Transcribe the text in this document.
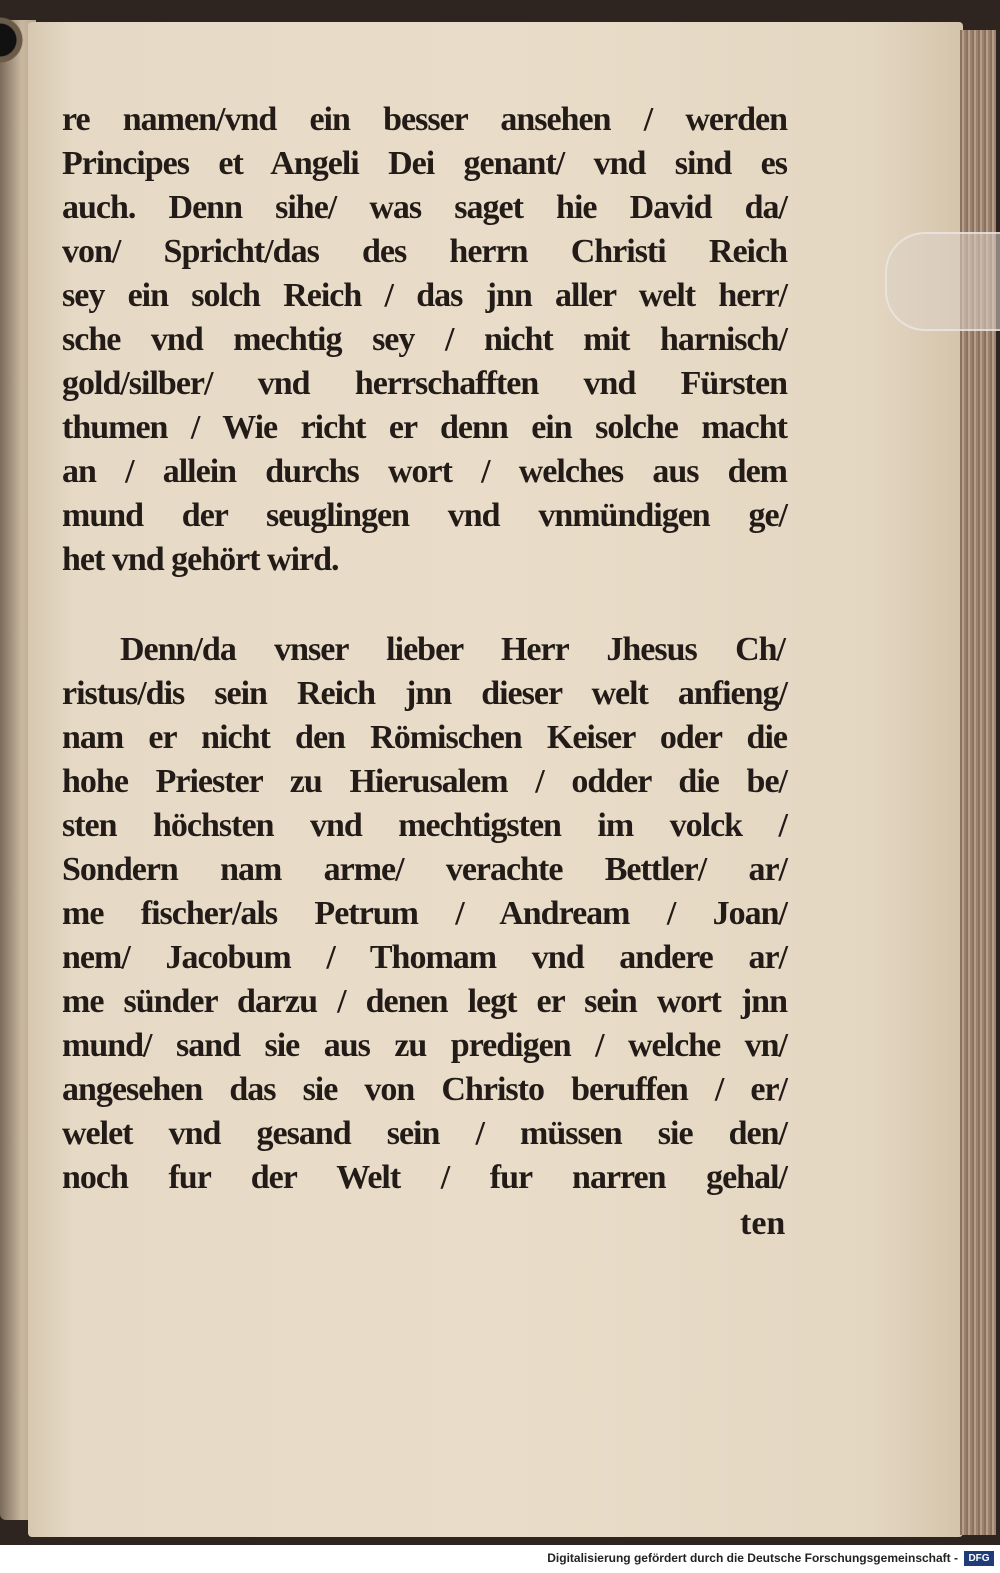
re namen/vnd ein besser ansehen / werden
Principes et Angeli Dei genant/ vnd sind es
auch. Denn sihe/ was saget hie David da/
von/ Spricht/das des herrn Christi Reich
sey ein solch Reich / das jnn aller welt herr/
sche vnd mechtig sey / nicht mit harnisch/
gold/silber/ vnd herrschafften vnd Fürsten
thumen / Wie richt er denn ein solche macht
an / allein durchs wort / welches aus dem
mund der seuglingen vnd vnmündigen ge/
het vnd gehört wird.
Denn/da vnser lieber Herr Jhesus Ch/
ristus/dis sein Reich jnn dieser welt anfieng/
nam er nicht den Römischen Keiser oder die
hohe Priester zu Hierusalem / odder die be/
sten höchsten vnd mechtigsten im volck /
Sondern nam arme/ verachte Bettler/ ar/
me fischer/als Petrum / Andream / Joan/
nem/ Jacobum / Thomam vnd andere ar/
me sünder darzu / denen legt er sein wort jnn
mund/ sand sie aus zu predigen / welche vn/
angesehen das sie von Christo beruffen / er/
welet vnd gesand sein / müssen sie den/
noch fur der Welt / fur narren gehal/
ten
Digitalisierung gefördert durch die Deutsche Forschungsgemeinschaft -	DFG
